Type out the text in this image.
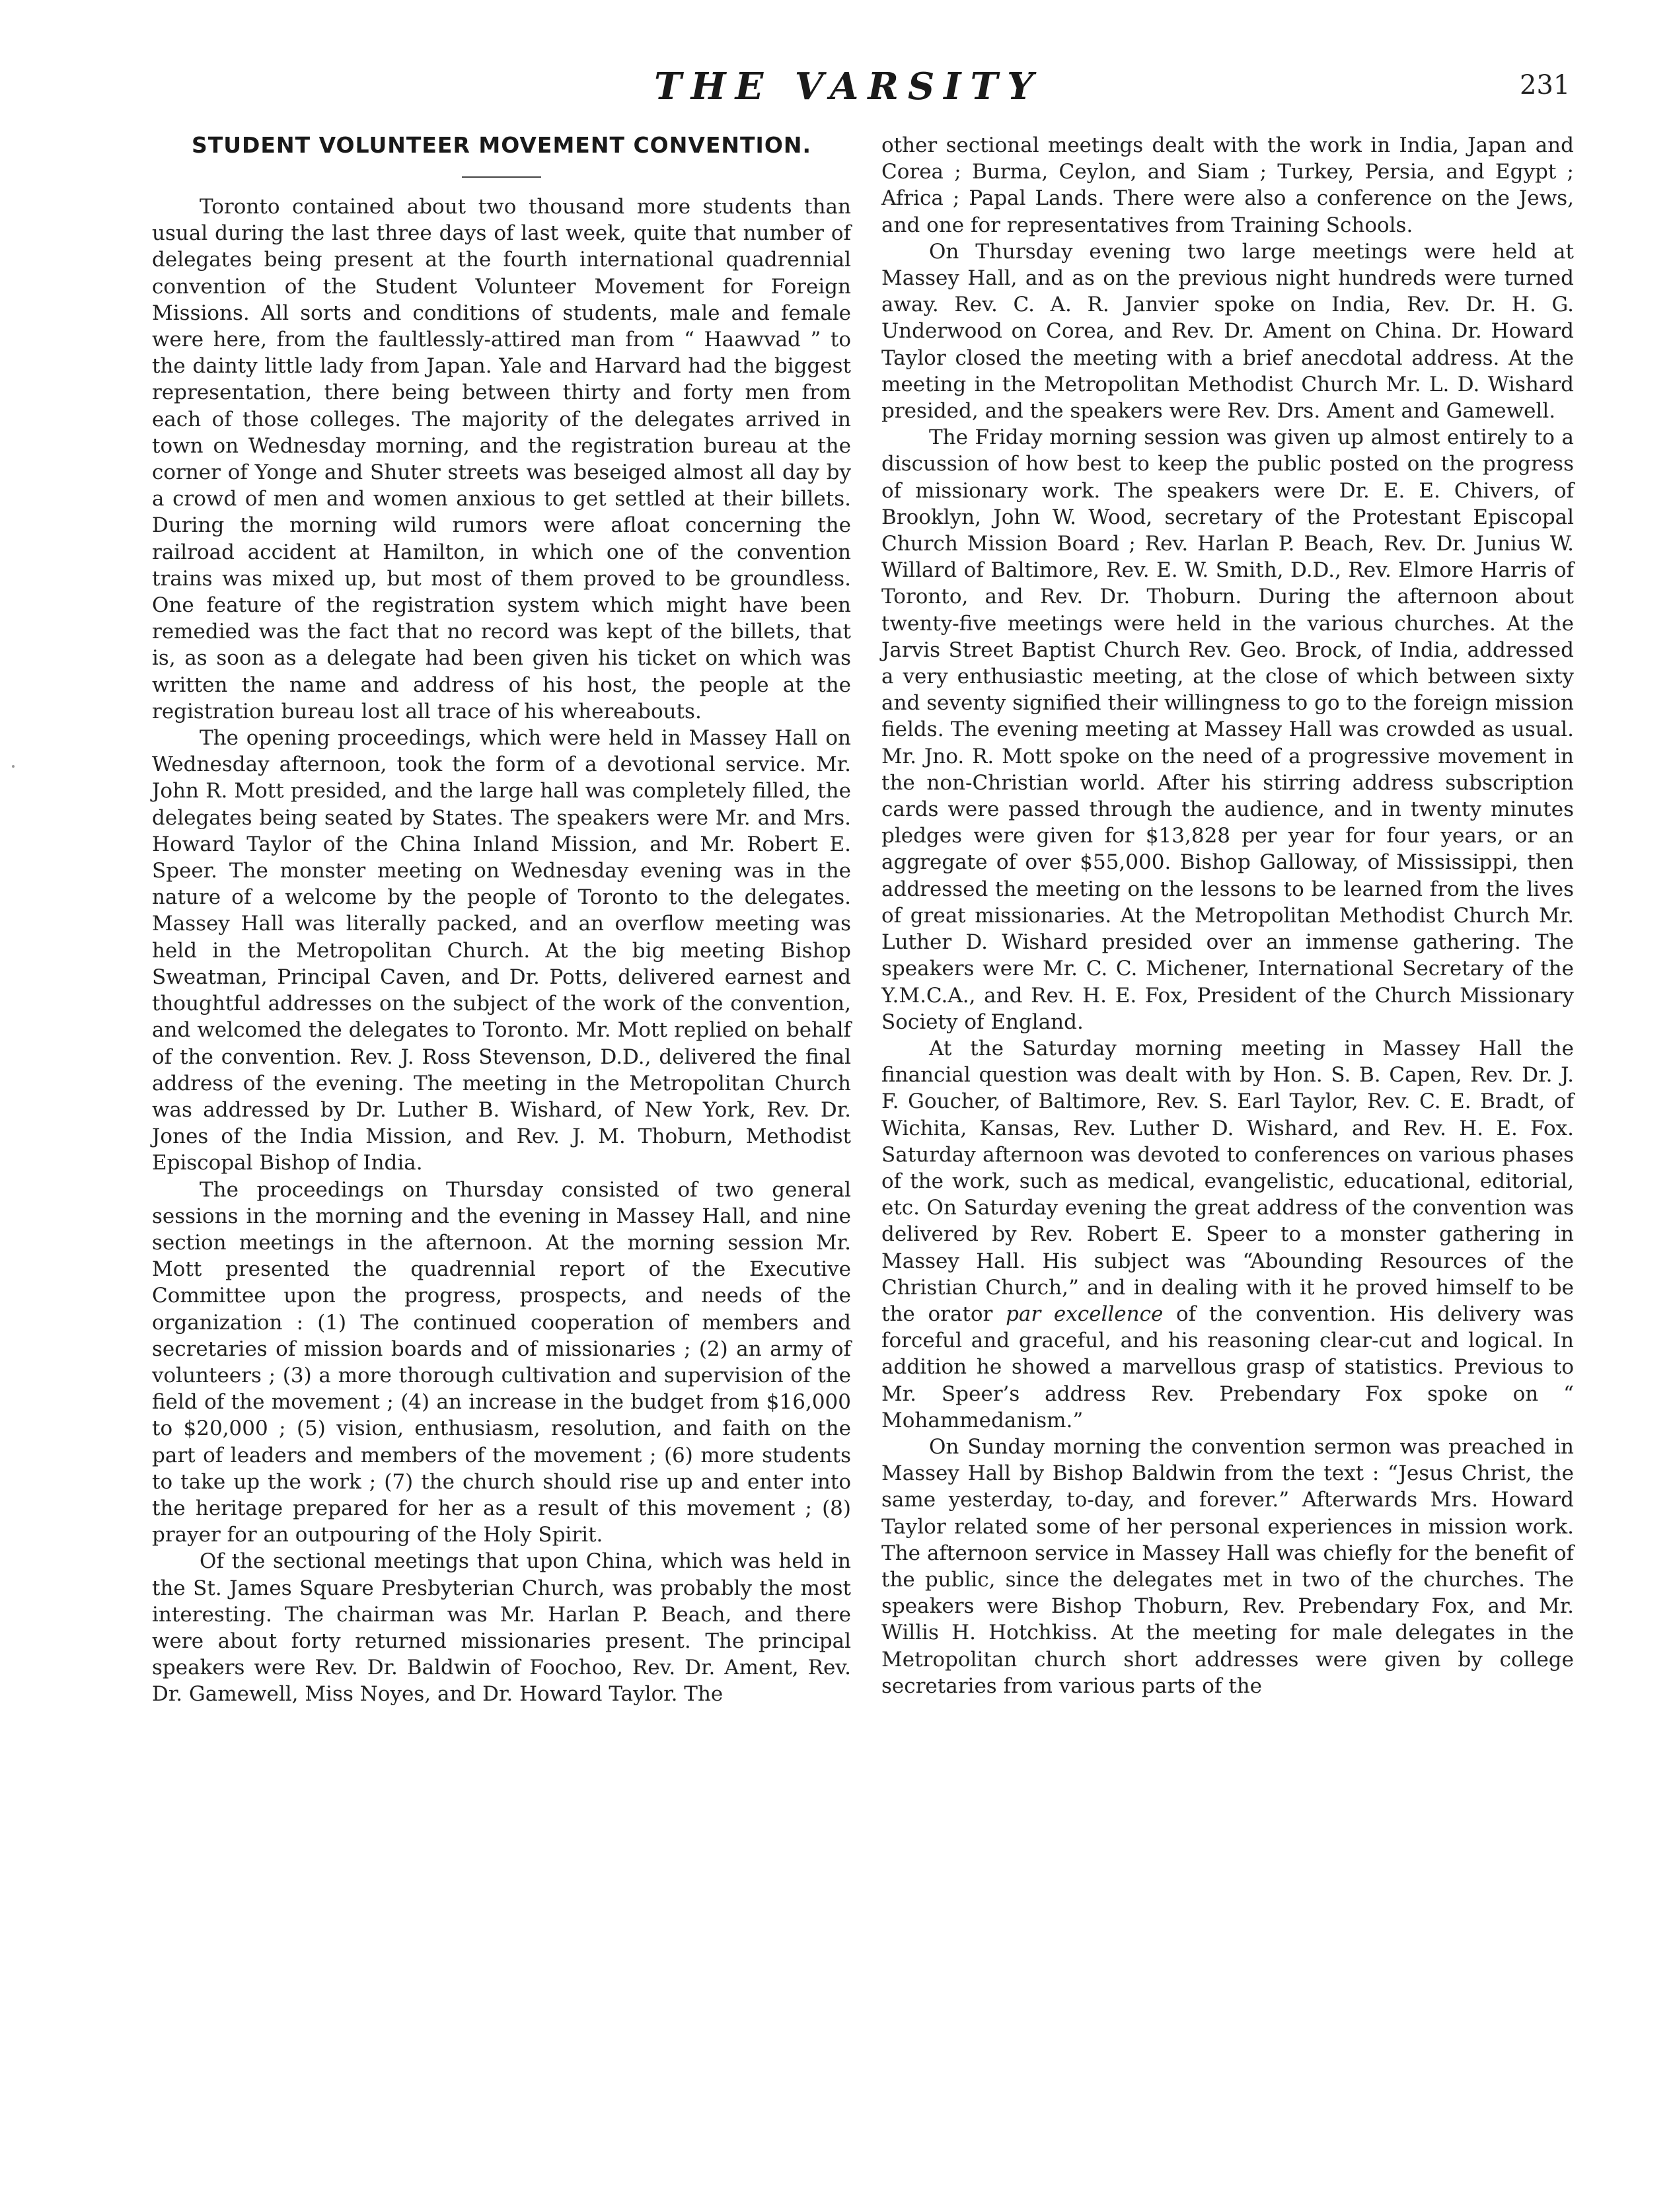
THE VARSITY	231
STUDENT VOLUNTEER MOVEMENT CONVENTION.

Toronto contained about two thousand more students than usual during the last three days of last week, quite that number of delegates being present at the fourth international quadrennial convention of the Student Volunteer Movement for Foreign Missions. All sorts and conditions of students, male and female were here, from the faultlessly-attired man from “ Haawvad ” to the dainty little lady from Japan. Yale and Harvard had the biggest representation, there being between thirty and forty men from each of those colleges. The majority of the delegates arrived in town on Wednesday morning, and the registration bureau at the corner of Yonge and Shuter streets was beseiged almost all day by a crowd of men and women anxious to get settled at their billets. During the morning wild rumors were afloat concerning the railroad accident at Hamilton, in which one of the convention trains was mixed up, but most of them proved to be groundless. One feature of the registration system which might have been remedied was the fact that no record was kept of the billets, that is, as soon as a delegate had been given his ticket on which was written the name and address of his host, the people at the registration bureau lost all trace of his whereabouts.

The opening proceedings, which were held in Massey Hall on Wednesday afternoon, took the form of a devotional service. Mr. John R. Mott presided, and the large hall was completely filled, the delegates being seated by States. The speakers were Mr. and Mrs. Howard Taylor of the China Inland Mission, and Mr. Robert E. Speer. The monster meeting on Wednesday evening was in the nature of a welcome by the people of Toronto to the delegates. Massey Hall was literally packed, and an overflow meeting was held in the Metropolitan Church. At the big meeting Bishop Sweatman, Principal Caven, and Dr. Potts, delivered earnest and thoughtful addresses on the subject of the work of the convention, and welcomed the delegates to Toronto. Mr. Mott replied on behalf of the convention. Rev. J. Ross Stevenson, D.D., delivered the final address of the evening. The meeting in the Metropolitan Church was addressed by Dr. Luther B. Wishard, of New York, Rev. Dr. Jones of the India Mission, and Rev. J. M. Thoburn, Methodist Episcopal Bishop of India.

The proceedings on Thursday consisted of two general sessions in the morning and the evening in Massey Hall, and nine section meetings in the afternoon. At the morning session Mr. Mott presented the quadrennial report of the Executive Committee upon the progress, prospects, and needs of the organization : (1) The continued cooperation of members and secretaries of mission boards and of missionaries ; (2) an army of volunteers ; (3) a more thorough cultivation and supervision of the field of the movement ; (4) an increase in the budget from $16,000 to $20,000 ; (5) vision, enthusiasm, resolution, and faith on the part of leaders and members of the movement ; (6) more students to take up the work ; (7) the church should rise up and enter into the heritage prepared for her as a result of this movement ; (8) prayer for an outpouring of the Holy Spirit.

Of the sectional meetings that upon China, which was held in the St. James Square Presbyterian Church, was probably the most interesting. The chairman was Mr. Harlan P. Beach, and there were about forty returned missionaries present. The principal speakers were Rev. Dr. Baldwin of Foochoo, Rev. Dr. Ament, Rev. Dr. Gamewell, Miss Noyes, and Dr. Howard Taylor. The

other sectional meetings dealt with the work in India, Japan and Corea ; Burma, Ceylon, and Siam ; Turkey, Persia, and Egypt ; Africa ; Papal Lands. There were also a conference on the Jews, and one for representatives from Training Schools.

On Thursday evening two large meetings were held at Massey Hall, and as on the previous night hundreds were turned away. Rev. C. A. R. Janvier spoke on India, Rev. Dr. H. G. Underwood on Corea, and Rev. Dr. Ament on China. Dr. Howard Taylor closed the meeting with a brief anecdotal address. At the meeting in the Metropolitan Methodist Church Mr. L. D. Wishard presided, and the speakers were Rev. Drs. Ament and Gamewell.

The Friday morning session was given up almost entirely to a discussion of how best to keep the public posted on the progress of missionary work. The speakers were Dr. E. E. Chivers, of Brooklyn, John W. Wood, secretary of the Protestant Episcopal Church Mission Board ; Rev. Harlan P. Beach, Rev. Dr. Junius W. Willard of Baltimore, Rev. E. W. Smith, D.D., Rev. Elmore Harris of Toronto, and Rev. Dr. Thoburn. During the afternoon about twenty-five meetings were held in the various churches. At the Jarvis Street Baptist Church Rev. Geo. Brock, of India, addressed a very enthusiastic meeting, at the close of which between sixty and seventy signified their willingness to go to the foreign mission fields. The evening meeting at Massey Hall was crowded as usual. Mr. Jno. R. Mott spoke on the need of a progressive movement in the non-Christian world. After his stirring address subscription cards were passed through the audience, and in twenty minutes pledges were given for $13,828 per year for four years, or an aggregate of over $55,000. Bishop Galloway, of Mississippi, then addressed the meeting on the lessons to be learned from the lives of great missionaries. At the Metropolitan Methodist Church Mr. Luther D. Wishard presided over an immense gathering. The speakers were Mr. C. C. Michener, International Secretary of the Y.M.C.A., and Rev. H. E. Fox, President of the Church Missionary Society of England.

At the Saturday morning meeting in Massey Hall the financial question was dealt with by Hon. S. B. Capen, Rev. Dr. J. F. Goucher, of Baltimore, Rev. S. Earl Taylor, Rev. C. E. Bradt, of Wichita, Kansas, Rev. Luther D. Wishard, and Rev. H. E. Fox. Saturday afternoon was devoted to conferences on various phases of the work, such as medical, evangelistic, educational, editorial, etc. On Saturday evening the great address of the convention was delivered by Rev. Robert E. Speer to a monster gathering in Massey Hall. His subject was “Abounding Resources of the Christian Church,” and in dealing with it he proved himself to be the orator par excellence of the convention. His delivery was forceful and graceful, and his reasoning clear-cut and logical. In addition he showed a marvellous grasp of statistics. Previous to Mr. Speer’s address Rev. Prebendary Fox spoke on “ Mohammedanism.”

On Sunday morning the convention sermon was preached in Massey Hall by Bishop Baldwin from the text : “Jesus Christ, the same yesterday, to-day, and forever.” Afterwards Mrs. Howard Taylor related some of her personal experiences in mission work. The afternoon service in Massey Hall was chiefly for the benefit of the public, since the delegates met in two of the churches. The speakers were Bishop Thoburn, Rev. Prebendary Fox, and Mr. Willis H. Hotchkiss. At the meeting for male delegates in the Metropolitan church short addresses were given by college secretaries from various parts of the
